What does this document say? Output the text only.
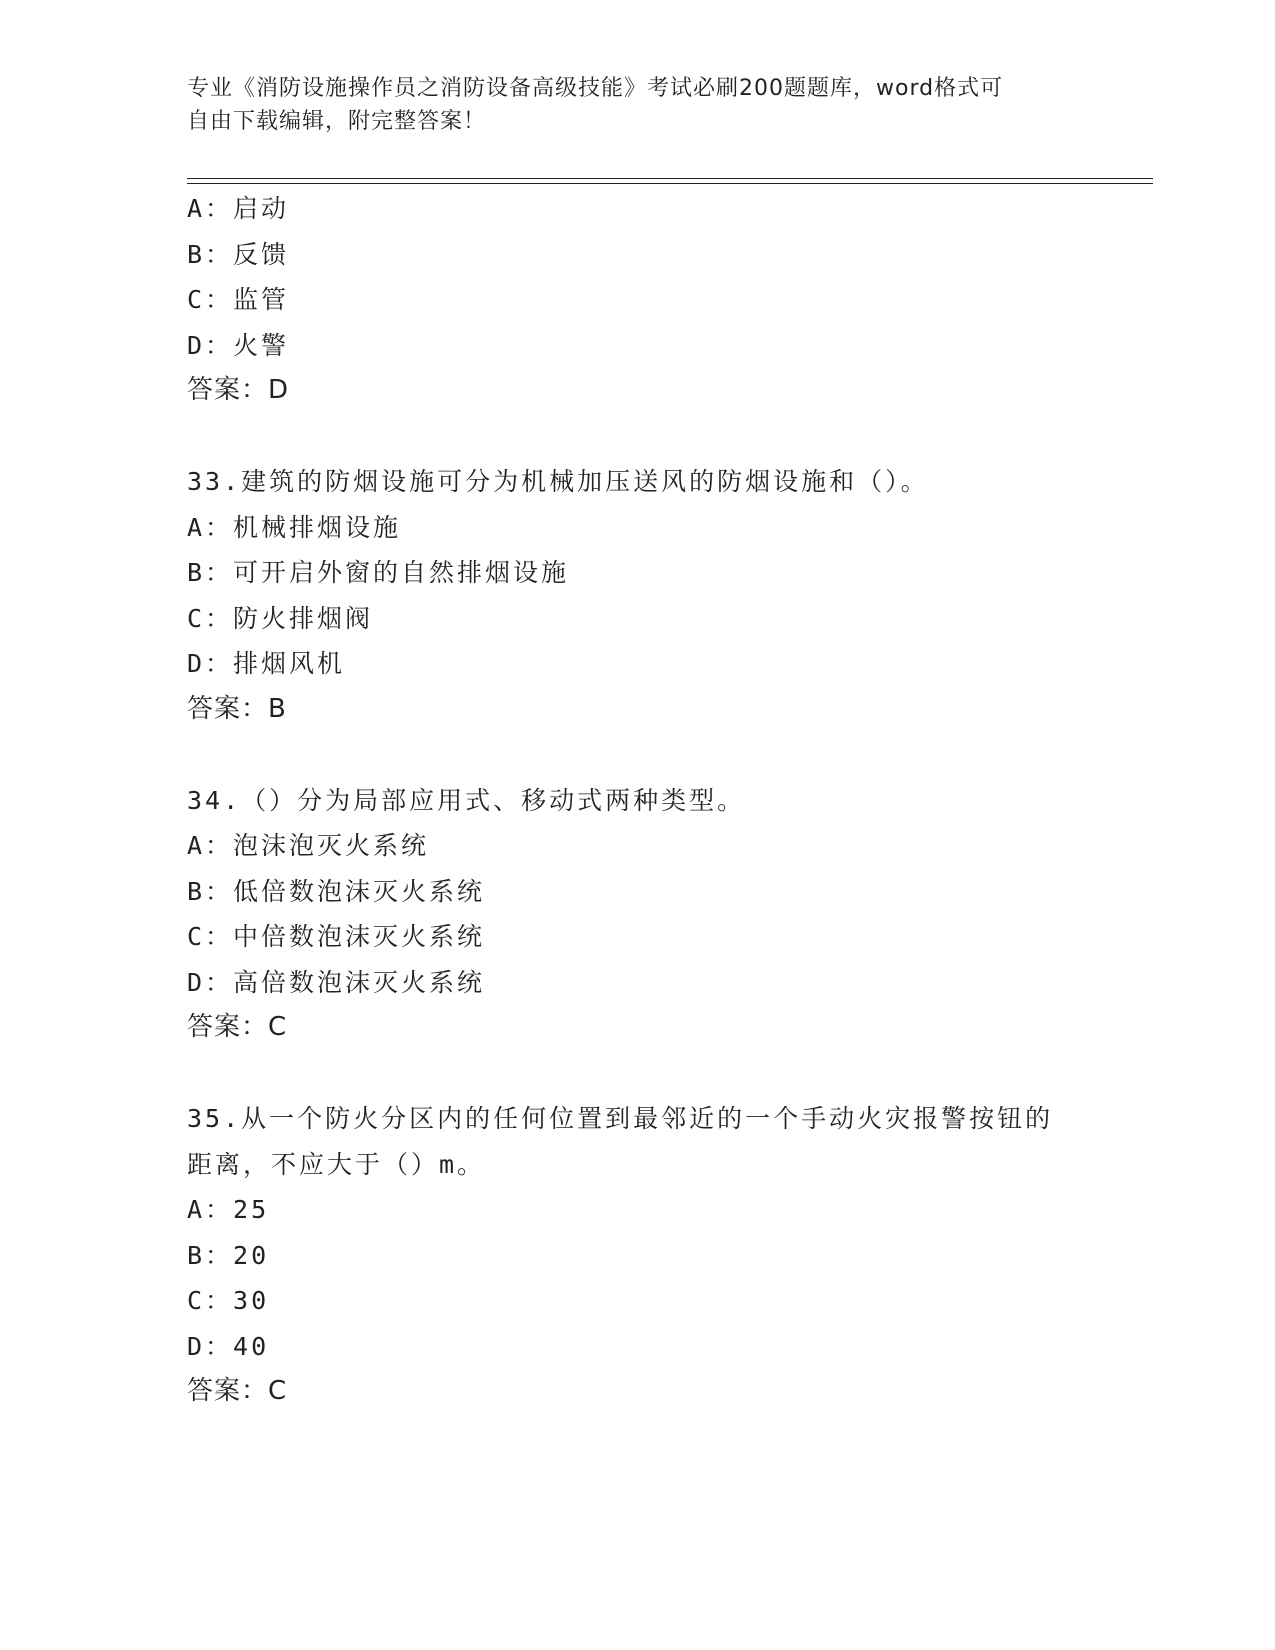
专业《消防设施操作员之消防设备高级技能》考试必刷200题题库，word格式可
自由下载编辑，附完整答案！
A：启动
B：反馈
C：监管
D：火警
答案：D
33.建筑的防烟设施可分为机械加压送风的防烟设施和（）。
A：机械排烟设施
B：可开启外窗的自然排烟设施
C：防火排烟阀
D：排烟风机
答案：B
34.（）分为局部应用式、移动式两种类型。
A：泡沫泡灭火系统
B：低倍数泡沫灭火系统
C：中倍数泡沫灭火系统
D：高倍数泡沫灭火系统
答案：C
35.从一个防火分区内的任何位置到最邻近的一个手动火灾报警按钮的
距离，不应大于（）m。
A：25
B：20
C：30
D：40
答案：C
